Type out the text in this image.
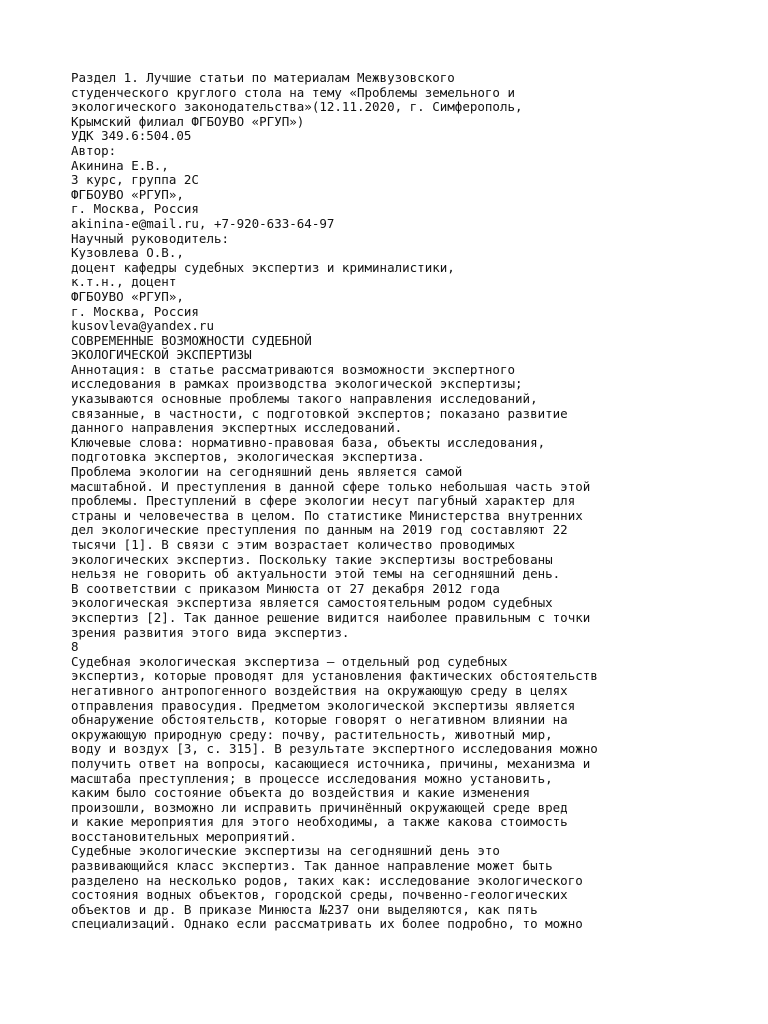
Раздел 1. Лучшие статьи по материалам Межвузовского
студенческого круглого стола на тему «Проблемы земельного и
экологического законодательства»(12.11.2020, г. Симферополь,
Крымский филиал ФГБОУВО «РГУП»)
УДК 349.6:504.05
Автор:
Акинина Е.В.,
3 курс, группа 2С
ФГБОУВО «РГУП»,
г. Москва, Россия
akinina-e@mail.ru, +7-920-633-64-97
Научный руководитель:
Кузовлева О.В.,
доцент кафедры судебных экспертиз и криминалистики,
к.т.н., доцент
ФГБОУВО «РГУП»,
г. Москва, Россия
kusovleva@yandex.ru
СОВРЕМЕННЫЕ ВОЗМОЖНОСТИ СУДЕБНОЙ
ЭКОЛОГИЧЕСКОЙ ЭКСПЕРТИЗЫ
Аннотация: в статье рассматриваются возможности экспертного
исследования в рамках производства экологической экспертизы;
указываются основные проблемы такого направления исследований,
связанные, в частности, с подготовкой экспертов; показано развитие
данного направления экспертных исследований.
Ключевые слова: нормативно-правовая база, объекты исследования,
подготовка экспертов, экологическая экспертиза.
Проблема экологии на сегодняшний день является самой
масштабной. И преступления в данной сфере только небольшая часть этой
проблемы. Преступлений в сфере экологии несут пагубный характер для
страны и человечества в целом. По статистике Министерства внутренних
дел экологические преступления по данным на 2019 год составляют 22
тысячи [1]. В связи с этим возрастает количество проводимых
экологических экспертиз. Поскольку такие экспертизы востребованы
нельзя не говорить об актуальности этой темы на сегодняшний день.
В соответствии с приказом Минюста от 27 декабря 2012 года
экологическая экспертиза является самостоятельным родом судебных
экспертиз [2]. Так данное решение видится наиболее правильным с точки
зрения развития этого вида экспертиз.
8
Судебная экологическая экспертиза – отдельный род судебных
экспертиз, которые проводят для установления фактических обстоятельств
негативного антропогенного воздействия на окружающую среду в целях
отправления правосудия. Предметом экологической экспертизы является
обнаружение обстоятельств, которые говорят о негативном влиянии на
окружающую природную среду: почву, растительность, животный мир,
воду и воздух [3, с. 315]. В результате экспертного исследования можно
получить ответ на вопросы, касающиеся источника, причины, механизма и
масштаба преступления; в процессе исследования можно установить,
каким было состояние объекта до воздействия и какие изменения
произошли, возможно ли исправить причинённый окружающей среде вред
и какие мероприятия для этого необходимы, а также какова стоимость
восстановительных мероприятий.
Судебные экологические экспертизы на сегодняшний день это
развивающийся класс экспертиз. Так данное направление может быть
разделено на несколько родов, таких как: исследование экологического
состояния водных объектов, городской среды, почвенно-геологических
объектов и др. В приказе Минюста №237 они выделяются, как пять
специализаций. Однако если рассматривать их более подробно, то можно
